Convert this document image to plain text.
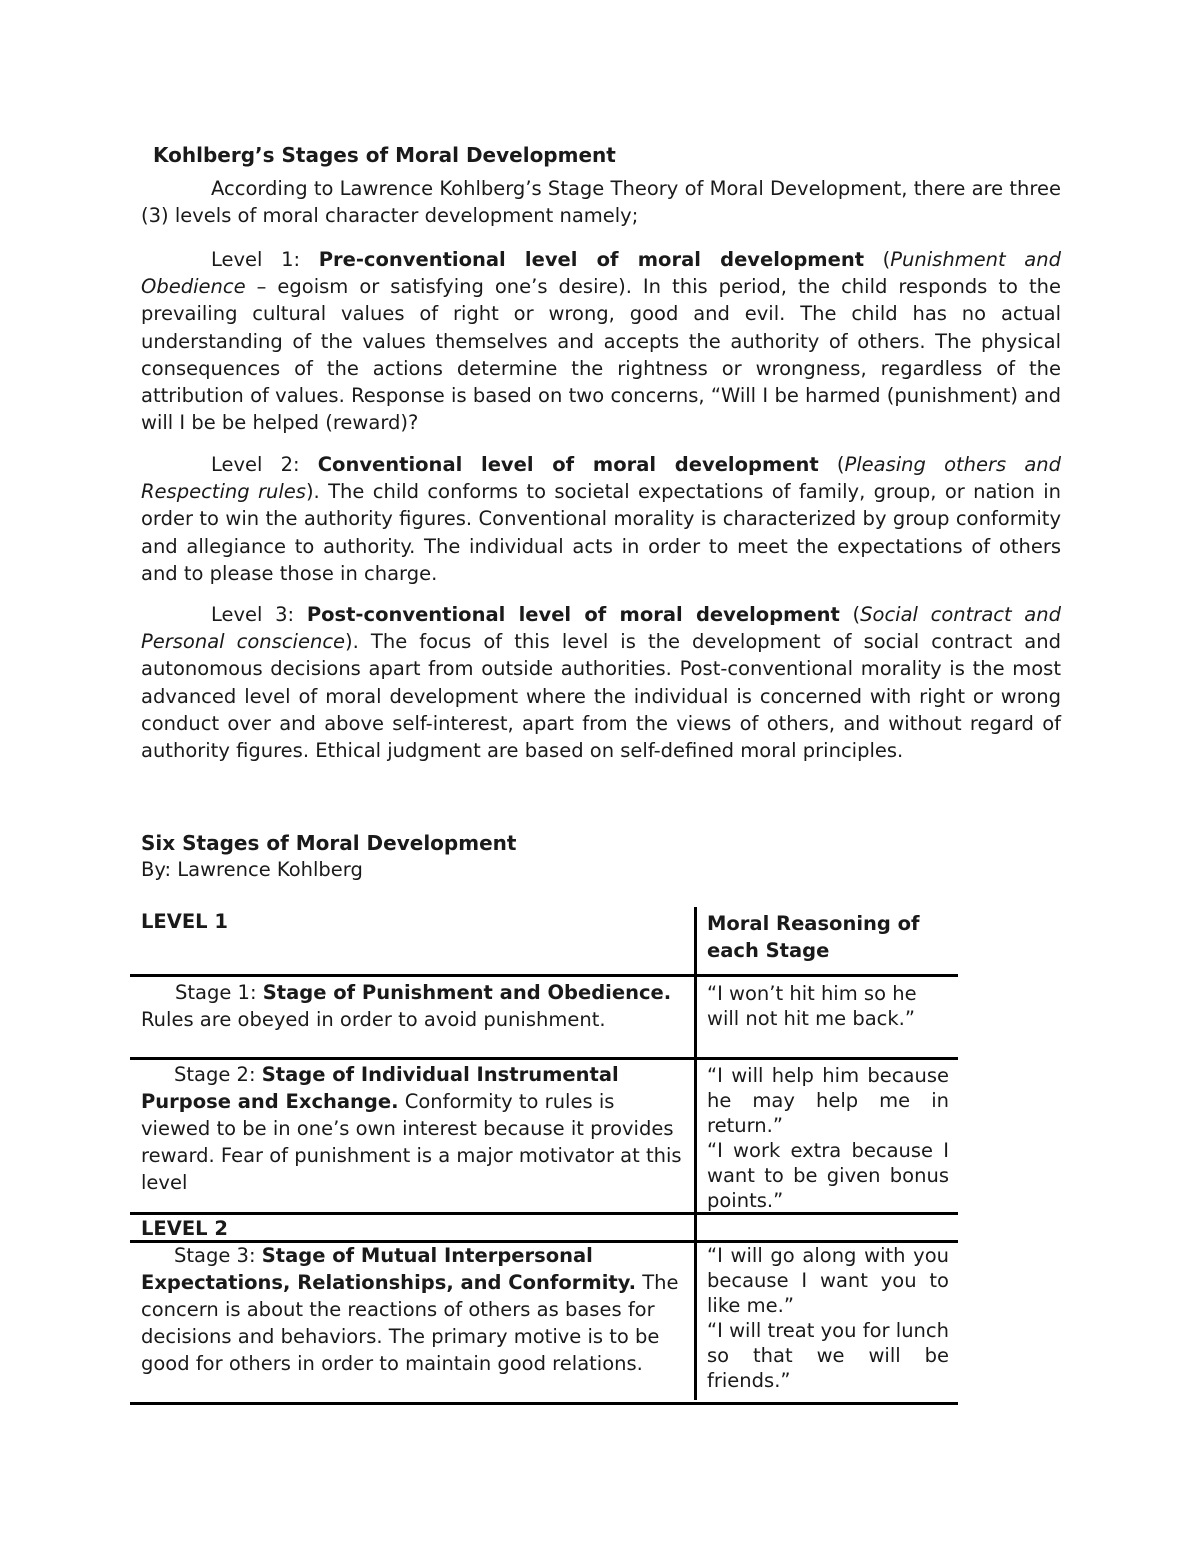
Kohlberg’s Stages of Moral Development
According to Lawrence Kohlberg’s Stage Theory of Moral Development, there are three (3) levels of moral character development namely;
Level 1: Pre-conventional level of moral development (Punishment and Obedience – egoism or satisfying one’s desire). In this period, the child responds to the prevailing cultural values of right or wrong, good and evil. The child has no actual understanding of the values themselves and accepts the authority of others. The physical consequences of the actions determine the rightness or wrongness, regardless of the attribution of values. Response is based on two concerns, “Will I be harmed (punishment) and will I be be helped (reward)?
Level 2: Conventional level of moral development (Pleasing others and Respecting rules). The child conforms to societal expectations of family, group, or nation in order to win the authority figures. Conventional morality is characterized by group conformity and allegiance to authority. The individual acts in order to meet the expectations of others and to please those in charge.
Level 3: Post-conventional level of moral development (Social contract and Personal conscience). The focus of this level is the development of social contract and autonomous decisions apart from outside authorities. Post-conventional morality is the most advanced level of moral development where the individual is concerned with right or wrong conduct over and above self-interest, apart from the views of others, and without regard of authority figures. Ethical judgment are based on self-defined moral principles.
Six Stages of Moral Development
By: Lawrence Kohlberg
LEVEL 1	Moral Reasoning of each Stage
Stage 1: Stage of Punishment and Obedience. Rules are obeyed in order to avoid punishment.
“I won’t hit him so he will not hit me back.”
Stage 2: Stage of Individual Instrumental Purpose and Exchange. Conformity to rules is viewed to be in one’s own interest because it provides reward. Fear of punishment is a major motivator at this level
“I will help him because he may help me in return.”
“I work extra because I want to be given bonus points.”
LEVEL 2
Stage 3: Stage of Mutual Interpersonal Expectations, Relationships, and Conformity. The concern is about the reactions of others as bases for decisions and behaviors. The primary motive is to be good for others in order to maintain good relations.
“I will go along with you because I want you to like me.”
“I will treat you for lunch so that we will be friends.”
